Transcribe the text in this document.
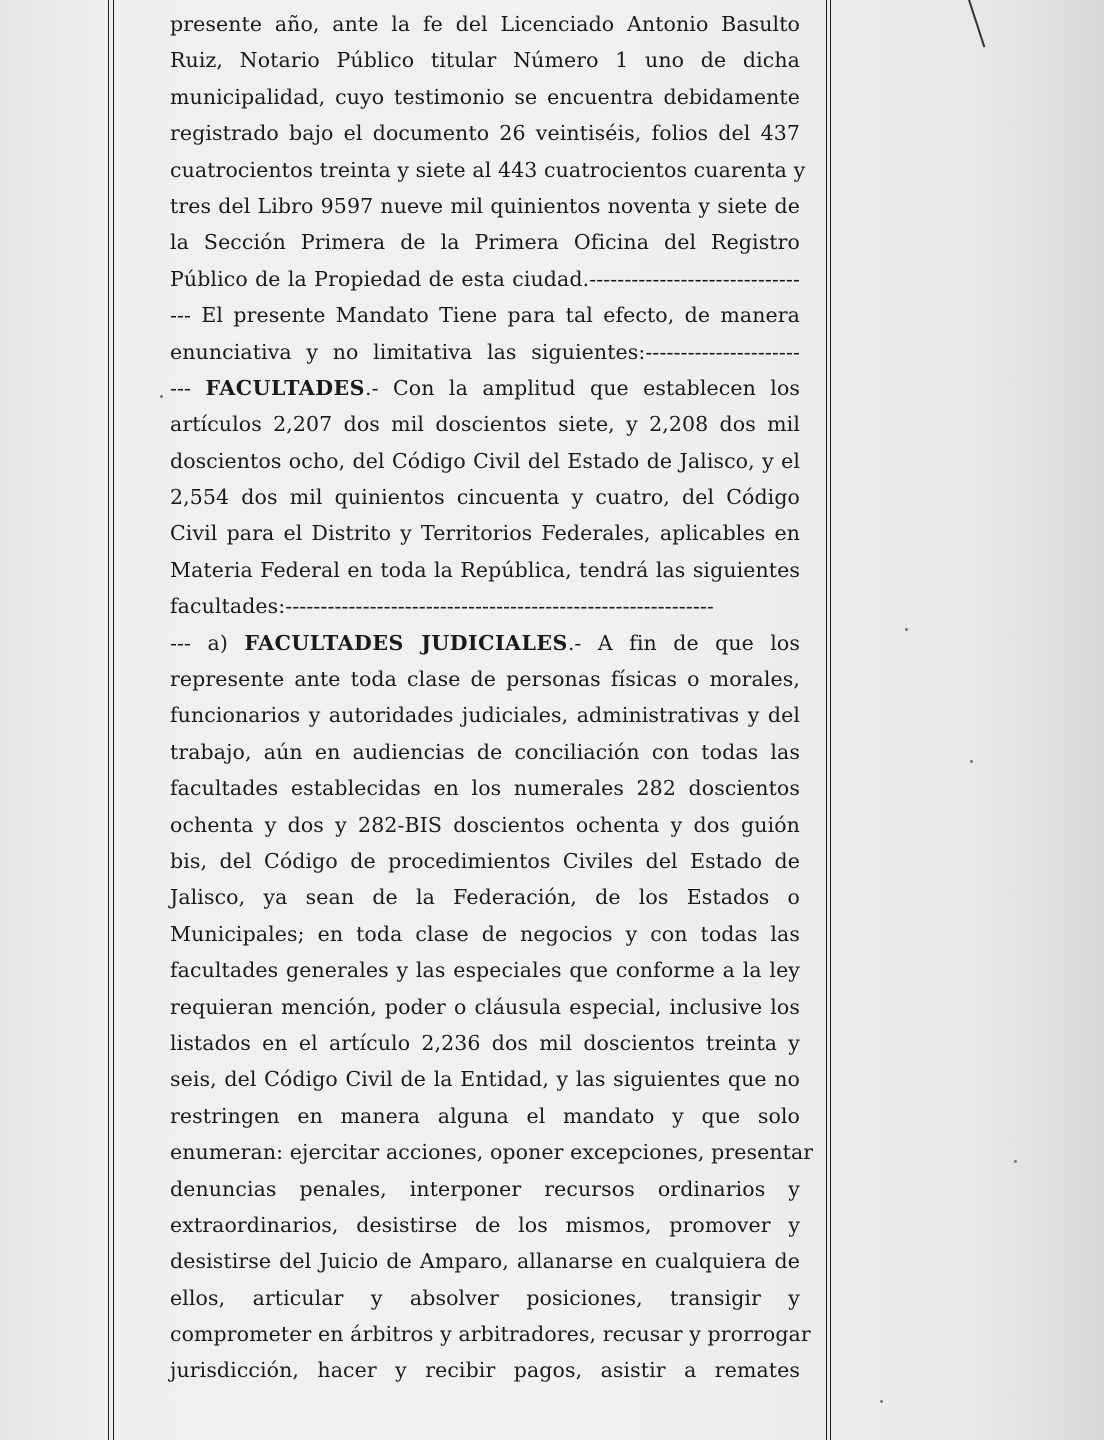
presente año, ante la fe del Licenciado Antonio Basulto
Ruiz, Notario Público titular Número 1 uno de dicha
municipalidad, cuyo testimonio se encuentra debidamente
registrado bajo el documento 26 veintiséis, folios del 437
cuatrocientos treinta y siete al 443 cuatrocientos cuarenta y
tres del Libro 9597 nueve mil quinientos noventa y siete de
la Sección Primera de la Primera Oficina del Registro
Público de la Propiedad de esta ciudad.------------------------------
--- El presente Mandato Tiene para tal efecto, de manera
enunciativa y no limitativa las siguientes:----------------------
--- FACULTADES.- Con la amplitud que establecen los
artículos 2,207 dos mil doscientos siete, y 2,208 dos mil
doscientos ocho, del Código Civil del Estado de Jalisco, y el
2,554 dos mil quinientos cincuenta y cuatro, del Código
Civil para el Distrito y Territorios Federales, aplicables en
Materia Federal en toda la República, tendrá las siguientes
facultades:-------------------------------------------------------------
--- a) FACULTADES JUDICIALES.- A fin de que los
represente ante toda clase de personas físicas o morales,
funcionarios y autoridades judiciales, administrativas y del
trabajo, aún en audiencias de conciliación con todas las
facultades establecidas en los numerales 282 doscientos
ochenta y dos y 282-BIS doscientos ochenta y dos guión
bis, del Código de procedimientos Civiles del Estado de
Jalisco, ya sean de la Federación, de los Estados o
Municipales; en toda clase de negocios y con todas las
facultades generales y las especiales que conforme a la ley
requieran mención, poder o cláusula especial, inclusive los
listados en el artículo 2,236 dos mil doscientos treinta y
seis, del Código Civil de la Entidad, y las siguientes que no
restringen en manera alguna el mandato y que solo
enumeran: ejercitar acciones, oponer excepciones, presentar
denuncias penales, interponer recursos ordinarios y
extraordinarios, desistirse de los mismos, promover y
desistirse del Juicio de Amparo, allanarse en cualquiera de
ellos, articular y absolver posiciones, transigir y
comprometer en árbitros y arbitradores, recusar y prorrogar
jurisdicción, hacer y recibir pagos, asistir a remates
